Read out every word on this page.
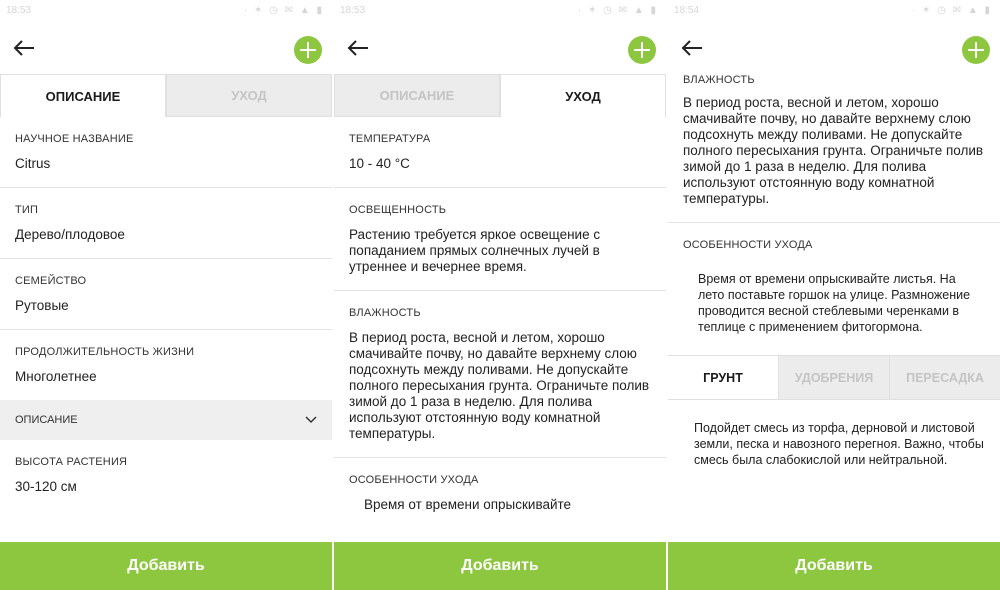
18:53	· ✶ ◷ ✉ ▲ ▮
ОПИСАНИЕ	УХОД
НАУЧНОЕ НАЗВАНИЕ
Citrus
ТИП
Дерево/плодовое
СЕМЕЙСТВО
Рутовые
ПРОДОЛЖИТЕЛЬНОСТЬ ЖИЗНИ
Многолетнее
ОПИСАНИЕ
ВЫСОТА РАСТЕНИЯ
30-120 см
Добавить
18:53	· ✶ ◷ ✉ ▲ ▮
ОПИСАНИЕ	УХОД
ТЕМПЕРАТУРА
10 - 40 °C
ОСВЕЩЕННОСТЬ
Растению требуется яркое освещение с попаданием прямых солнечных лучей в утреннее и вечернее время.
ВЛАЖНОСТЬ
В период роста, весной и летом, хорошо смачивайте почву, но давайте верхнему слою подсохнуть между поливами. Не допускайте полного пересыхания грунта. Ограничьте полив зимой до 1 раза в неделю. Для полива используют отстоянную воду комнатной температуры.
ОСОБЕННОСТИ УХОДА
Время от времени опрыскивайте
Добавить
18:54	· ✶ ◷ ✉ ▲ ▮
ВЛАЖНОСТЬ
В период роста, весной и летом, хорошо смачивайте почву, но давайте верхнему слою подсохнуть между поливами. Не допускайте полного пересыхания грунта. Ограничьте полив зимой до 1 раза в неделю. Для полива используют отстоянную воду комнатной температуры.
ОСОБЕННОСТИ УХОДА
Время от времени опрыскивайте листья. На лето поставьте горшок на улице. Размножение проводится весной стеблевыми черенками в теплице с применением фитогормона.
ГРУНТ	УДОБРЕНИЯ	ПЕРЕСАДКА
Подойдет смесь из торфа, дерновой и листовой земли, песка и навозного перегноя. Важно, чтобы смесь была слабокислой или нейтральной.
Добавить
